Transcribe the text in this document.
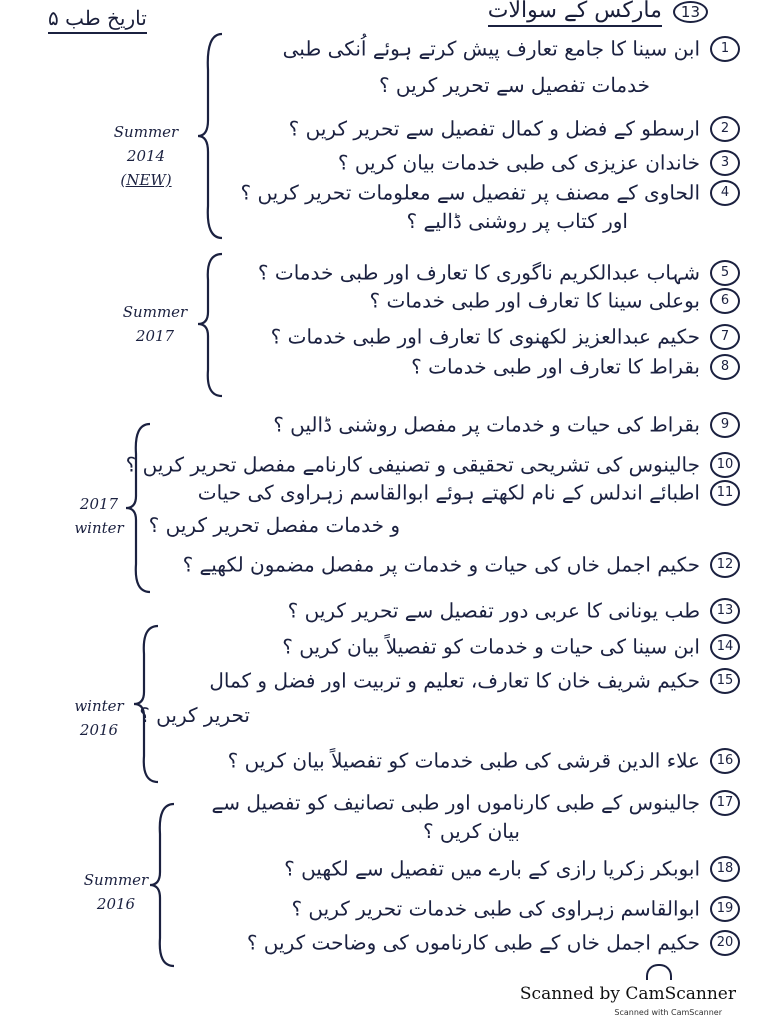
تاریخ طب ۵	13 مارکس کے سوالات
Summer
2014
(NEW)
Summer
2017
2017
winter
winter
2016
Summer
2016
1ابن سینا کا جامع تعارف پیش کرتے ہوئے اُنکی طبی
خدمات تفصیل سے تحریر کریں ؟
2ارسطو کے فضل و کمال تفصیل سے تحریر کریں ؟
3خاندان عزیزی کی طبی خدمات بیان کریں ؟
4الحاوی کے مصنف پر تفصیل سے معلومات تحریر کریں ؟
اور کتاب پر روشنی ڈالیے ؟
5شہاب عبدالکریم ناگوری کا تعارف اور طبی خدمات ؟
6بوعلی سینا کا تعارف اور طبی خدمات ؟
7حکیم عبدالعزیز لکھنوی کا تعارف اور طبی خدمات ؟
8بقراط کا تعارف اور طبی خدمات ؟
9بقراط کی حیات و خدمات پر مفصل روشنی ڈالیں ؟
10جالینوس کی تشریحی تحقیقی و تصنیفی کارنامے مفصل تحریر کریں ؟
11اطبائے اندلس کے نام لکھتے ہوئے ابوالقاسم زہراوی کی حیات
و خدمات مفصل تحریر کریں ؟
12حکیم اجمل خاں کی حیات و خدمات پر مفصل مضمون لکھیے ؟
13طب یونانی کا عربی دور تفصیل سے تحریر کریں ؟
14ابن سینا کی حیات و خدمات کو تفصیلاً بیان کریں ؟
15حکیم شریف خان کا تعارف، تعلیم و تربیت اور فضل و کمال
تحریر کریں ؟
16علاء الدین قرشی کی طبی خدمات کو تفصیلاً بیان کریں ؟
17جالینوس کے طبی کارناموں اور طبی تصانیف کو تفصیل سے
بیان کریں ؟
18ابوبکر زکریا رازی کے بارے میں تفصیل سے لکھیں ؟
19ابوالقاسم زہراوی کی طبی خدمات تحریر کریں ؟
20حکیم اجمل خاں کے طبی کارناموں کی وضاحت کریں ؟
Scanned by CamScanner
Scanned with CamScanner
